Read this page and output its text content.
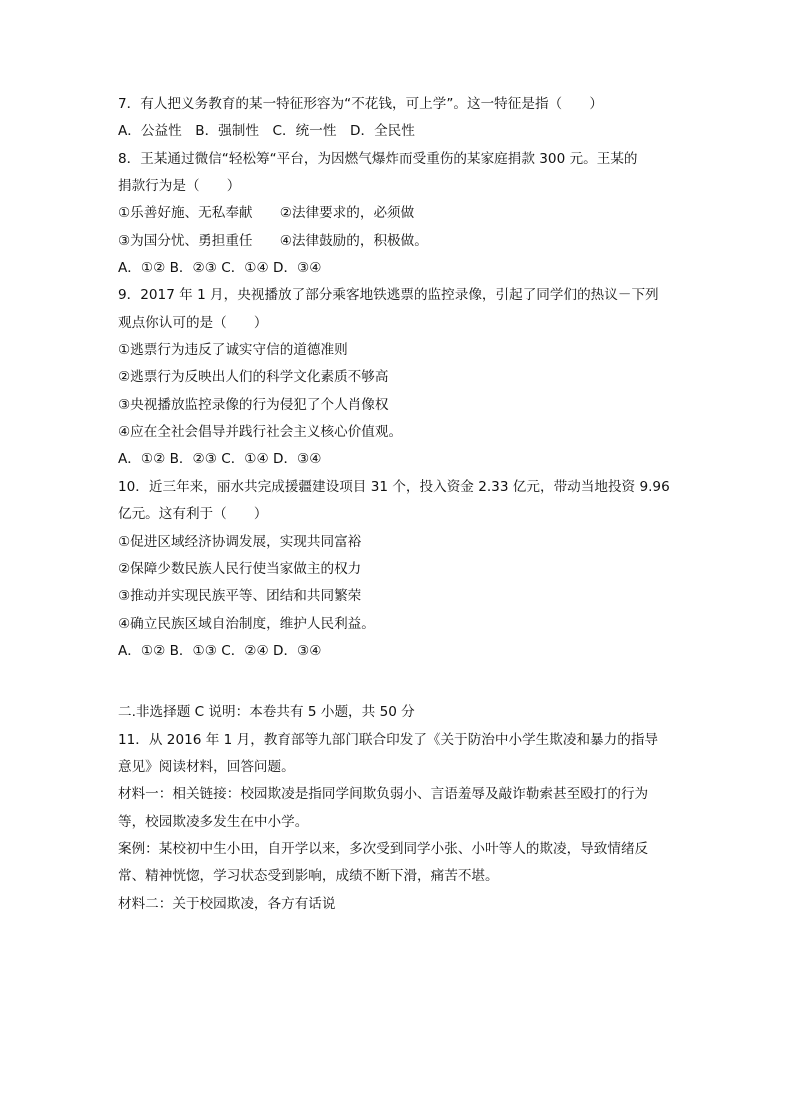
7．有人把义务教育的某一特征形容为“不花钱，可上学”。这一特征是指（　　）
A．公益性　B．强制性　C．统一性　D．全民性
8．王某通过微信“轻松筹“平台，为因燃气爆炸而受重伤的某家庭捐款 300 元。王某的
捐款行为是（　　）
①乐善好施、无私奉献　　②法律要求的，必须做
③为国分忧、勇担重任　　④法律鼓励的，积极做。
A．①② B．②③ C．①④ D．③④
9．2017 年 1 月，央视播放了部分乘客地铁逃票的监控录像，引起了同学们的热议－下列
观点你认可的是（　　）
①逃票行为违反了诚实守信的道德准则
②逃票行为反映出人们的科学文化素质不够高
③央视播放监控录像的行为侵犯了个人肖像权
④应在全社会倡导并践行社会主义核心价值观。
A．①② B．②③ C．①④ D．③④
10．近三年来，丽水共完成援疆建设项目 31 个，投入资金 2.33 亿元，带动当地投资 9.96
亿元。这有利于（　　）
①促进区域经济协调发展，实现共同富裕
②保障少数民族人民行使当家做主的权力
③推动并实现民族平等、团结和共同繁荣
④确立民族区域自治制度，维护人民利益。
A．①② B．①③ C．②④ D．③④
二.非选择题 C 说明：本卷共有 5 小题，共 50 分
11．从 2016 年 1 月，教育部等九部门联合印发了《关于防治中小学生欺凌和暴力的指导
意见》阅读材料，回答问题。
材料一：相关链接：校园欺凌是指同学间欺负弱小、言语羞辱及敲诈勒索甚至殴打的行为
等，校园欺凌多发生在中小学。
案例：某校初中生小田，自开学以来，多次受到同学小张、小叶等人的欺凌，导致情绪反
常、精神恍惚，学习状态受到影响，成绩不断下滑，痛苦不堪。
材料二：关于校园欺凌，各方有话说
